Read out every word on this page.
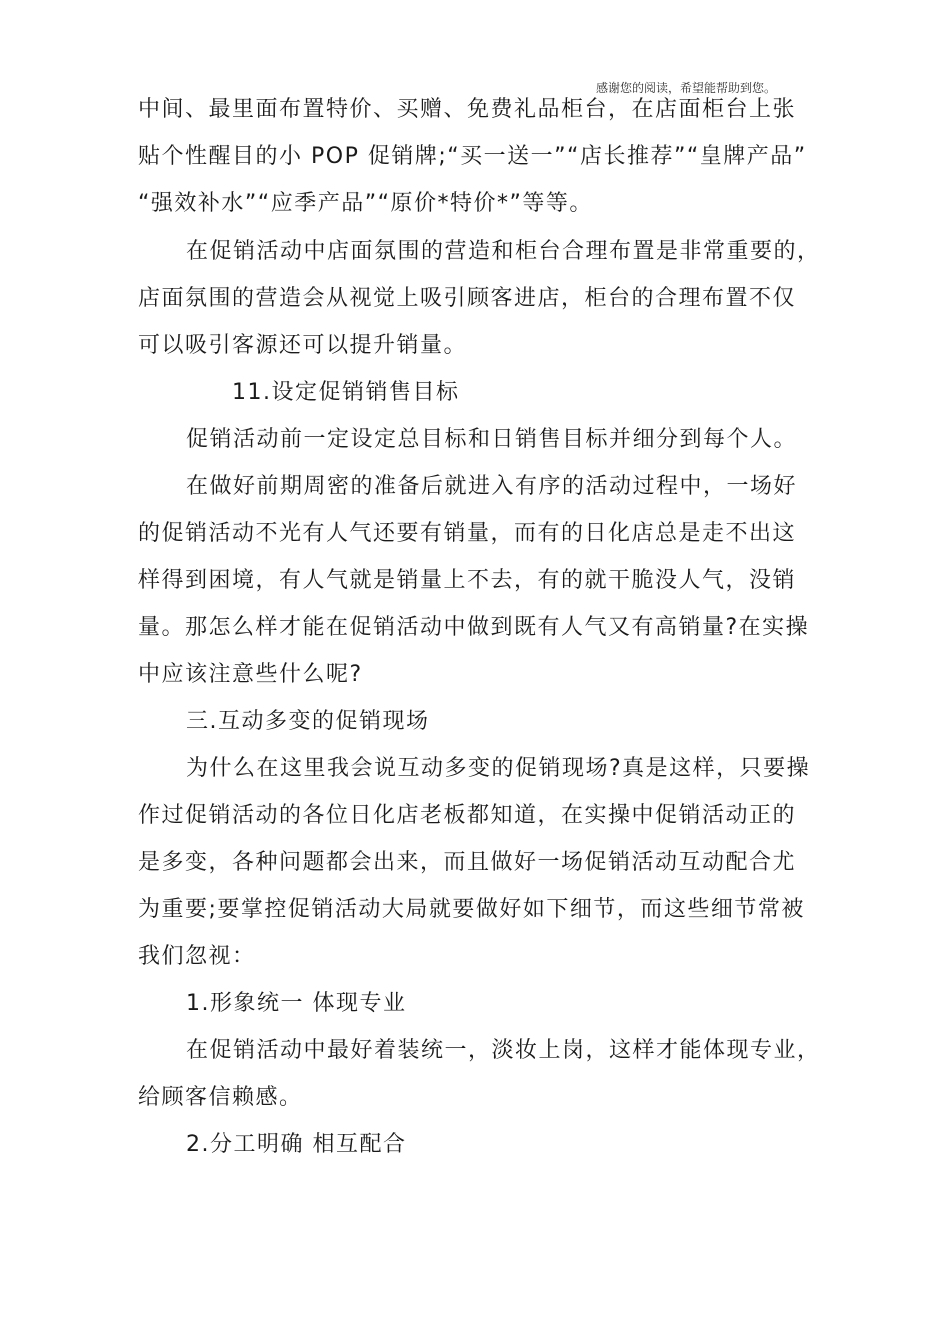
感谢您的阅读，希望能帮助到您。
中间、最里面布置特价、买赠、免费礼品柜台，在店面柜台上张
贴个性醒目的小 POP 促销牌;“买一送一”“店长推荐”“皇牌产品”
“强效补水”“应季产品”“原价*特价*”等等。
在促销活动中店面氛围的营造和柜台合理布置是非常重要的，
店面氛围的营造会从视觉上吸引顾客进店，柜台的合理布置不仅
可以吸引客源还可以提升销量。
11.设定促销销售目标
促销活动前一定设定总目标和日销售目标并细分到每个人。
在做好前期周密的准备后就进入有序的活动过程中，一场好
的促销活动不光有人气还要有销量，而有的日化店总是走不出这
样得到困境，有人气就是销量上不去，有的就干脆没人气，没销
量。那怎么样才能在促销活动中做到既有人气又有高销量?在实操
中应该注意些什么呢?
三.互动多变的促销现场
为什么在这里我会说互动多变的促销现场?真是这样，只要操
作过促销活动的各位日化店老板都知道，在实操中促销活动正的
是多变，各种问题都会出来，而且做好一场促销活动互动配合尤
为重要;要掌控促销活动大局就要做好如下细节，而这些细节常被
我们忽视：
1.形象统一 体现专业
在促销活动中最好着装统一，淡妆上岗，这样才能体现专业，
给顾客信赖感。
2.分工明确 相互配合
